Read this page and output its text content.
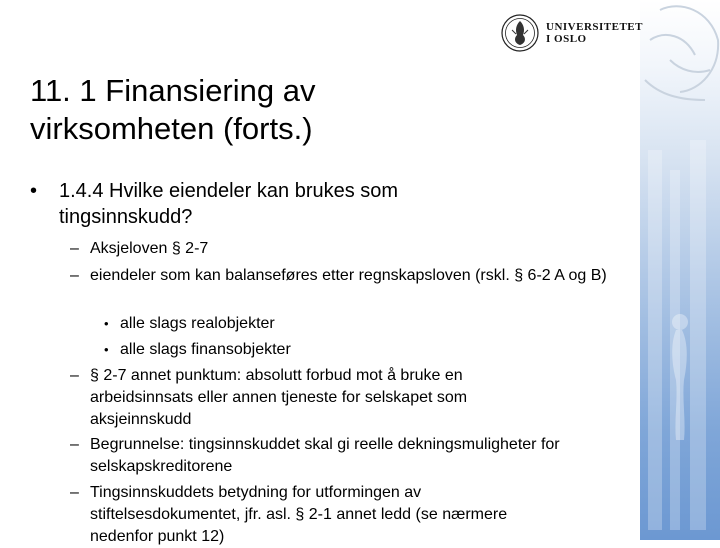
UNIVERSITETET
I OSLO
11. 1 Finansiering av virksomheten (forts.)
• 1.4.4 Hvilke eiendeler kan brukes som tingsinnskudd?
– Aksjeloven § 2-7
– eiendeler som kan balanseføres etter regnskapsloven (rskl. § 6-2 A og B)
• alle slags realobjekter
• alle slags finansobjekter
– § 2-7 annet punktum: absolutt forbud mot å bruke en arbeidsinnsats eller annen tjeneste for selskapet som aksjeinnskudd
– Begrunnelse: tingsinnskuddet skal gi reelle dekningsmuligheter for selskapskreditorene
– Tingsinnskuddets betydning for utformingen av stiftelsesdokumentet, jfr. asl. § 2-1 annet ledd (se nærmere nedenfor punkt 12)
